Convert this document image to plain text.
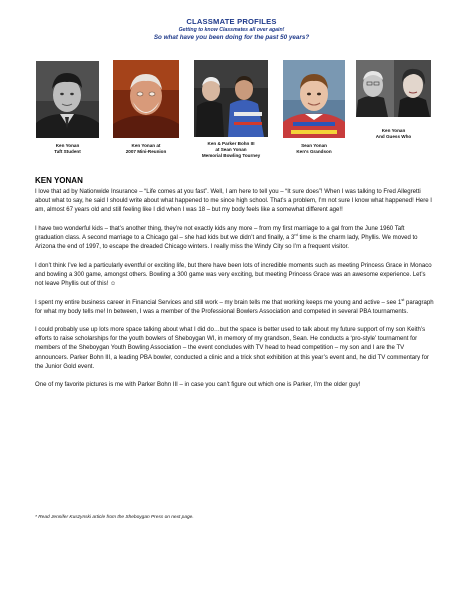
CLASSMATE PROFILES
Getting to know Classmates all over again!
So what have you been doing for the past 50 years?
Ken Yonan
Taft Student
Ken Yonan at
2007 Mini-Reunion
Ken & Parker Bohn III
at Sean Yonan
Memorial Bowling Tourney
Sean Yonan
Ken's Grandson
Ken Yonan
And Guess Who
KEN YONAN

I love that ad by Nationwide Insurance – “Life comes at you fast”. Well, I am here to tell you – “It sure does”! When I was talking to Fred Allegretti about what to say, he said I should write about what happened to me since high school. That’s a problem, I’m not sure I know what happened! Here I am, almost 67 years old and still feeling like I did when I was 18 – but my body feels like a somewhat different age!!

I have two wonderful kids – that’s another thing, they’re not exactly kids any more – from my first marriage to a gal from the June 1960 Taft graduation class. A second marriage to a Chicago gal – she had kids but we didn’t and finally, a 3rd time is the charm lady, Phyllis. We moved to Arizona the end of 1997, to escape the dreaded Chicago winters. I really miss the Windy City so I’m a frequent visitor.

I don’t think I’ve led a particularly eventful or exciting life, but there have been lots of incredible moments such as meeting Princess Grace in Monaco and bowling a 300 game, amongst others. Bowling a 300 game was very exciting, but meeting Princess Grace was an awesome experience. Let’s not leave Phyllis out of this! ☺

I spent my entire business career in Financial Services and still work – my brain tells me that working keeps me young and active – see 1st paragraph for what my body tells me! In between, I was a member of the Professional Bowlers Association and competed in several PBA tournaments.

I could probably use up lots more space talking about what I did do…but the space is better used to talk about my future support of my son Keith’s efforts to raise scholarships for the youth bowlers of Sheboygan WI, in memory of my grandson, Sean. He conducts a ‘pro-style’ tournament for members of the Sheboygan Youth Bowling Association – the event concludes with TV head to head competition – my son and I are the TV announcers. Parker Bohn III, a leading PBA bowler, conducted a clinic and a trick shot exhibition at this year’s event and, he did TV commentary for the Junior Gold event.

One of my favorite pictures is me with Parker Bohn III – in case you can’t figure out which one is Parker, I’m the older guy!

* Read Jennifer Kuszynski article from the Sheboygan Press on next page.
